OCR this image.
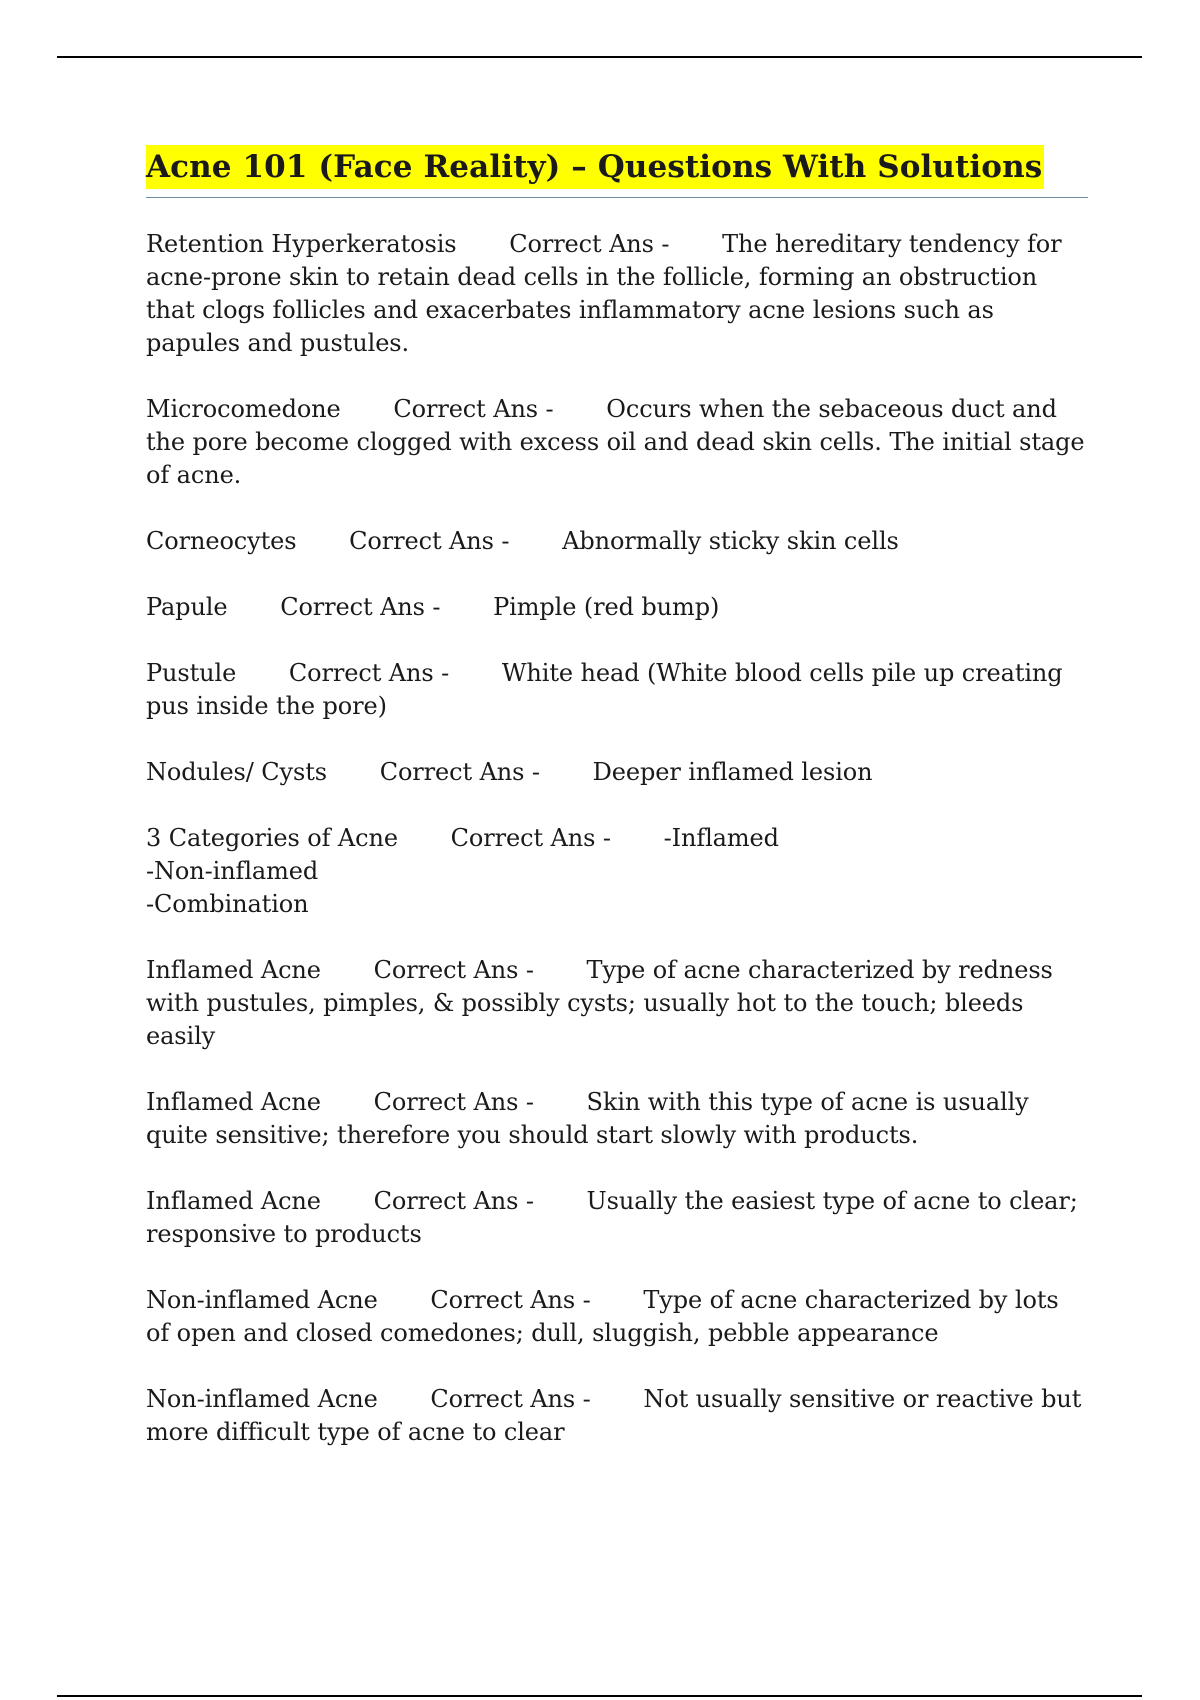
Acne 101 (Face Reality) – Questions With Solutions

Retention Hyperkeratosis Correct Ans - The hereditary tendency for acne-prone skin to retain dead cells in the follicle, forming an obstruction that clogs follicles and exacerbates inflammatory acne lesions such as papules and pustules.

Microcomedone Correct Ans - Occurs when the sebaceous duct and the pore become clogged with excess oil and dead skin cells. The initial stage of acne.

Corneocytes Correct Ans - Abnormally sticky skin cells

Papule Correct Ans - Pimple (red bump)

Pustule Correct Ans - White head (White blood cells pile up creating pus inside the pore)

Nodules/ Cysts Correct Ans - Deeper inflamed lesion

3 Categories of Acne Correct Ans - -Inflamed
-Non-inflamed
-Combination

Inflamed Acne Correct Ans - Type of acne characterized by redness with pustules, pimples, & possibly cysts; usually hot to the touch; bleeds easily

Inflamed Acne Correct Ans - Skin with this type of acne is usually quite sensitive; therefore you should start slowly with products.

Inflamed Acne Correct Ans - Usually the easiest type of acne to clear; responsive to products

Non-inflamed Acne Correct Ans - Type of acne characterized by lots of open and closed comedones; dull, sluggish, pebble appearance

Non-inflamed Acne Correct Ans - Not usually sensitive or reactive but more difficult type of acne to clear
